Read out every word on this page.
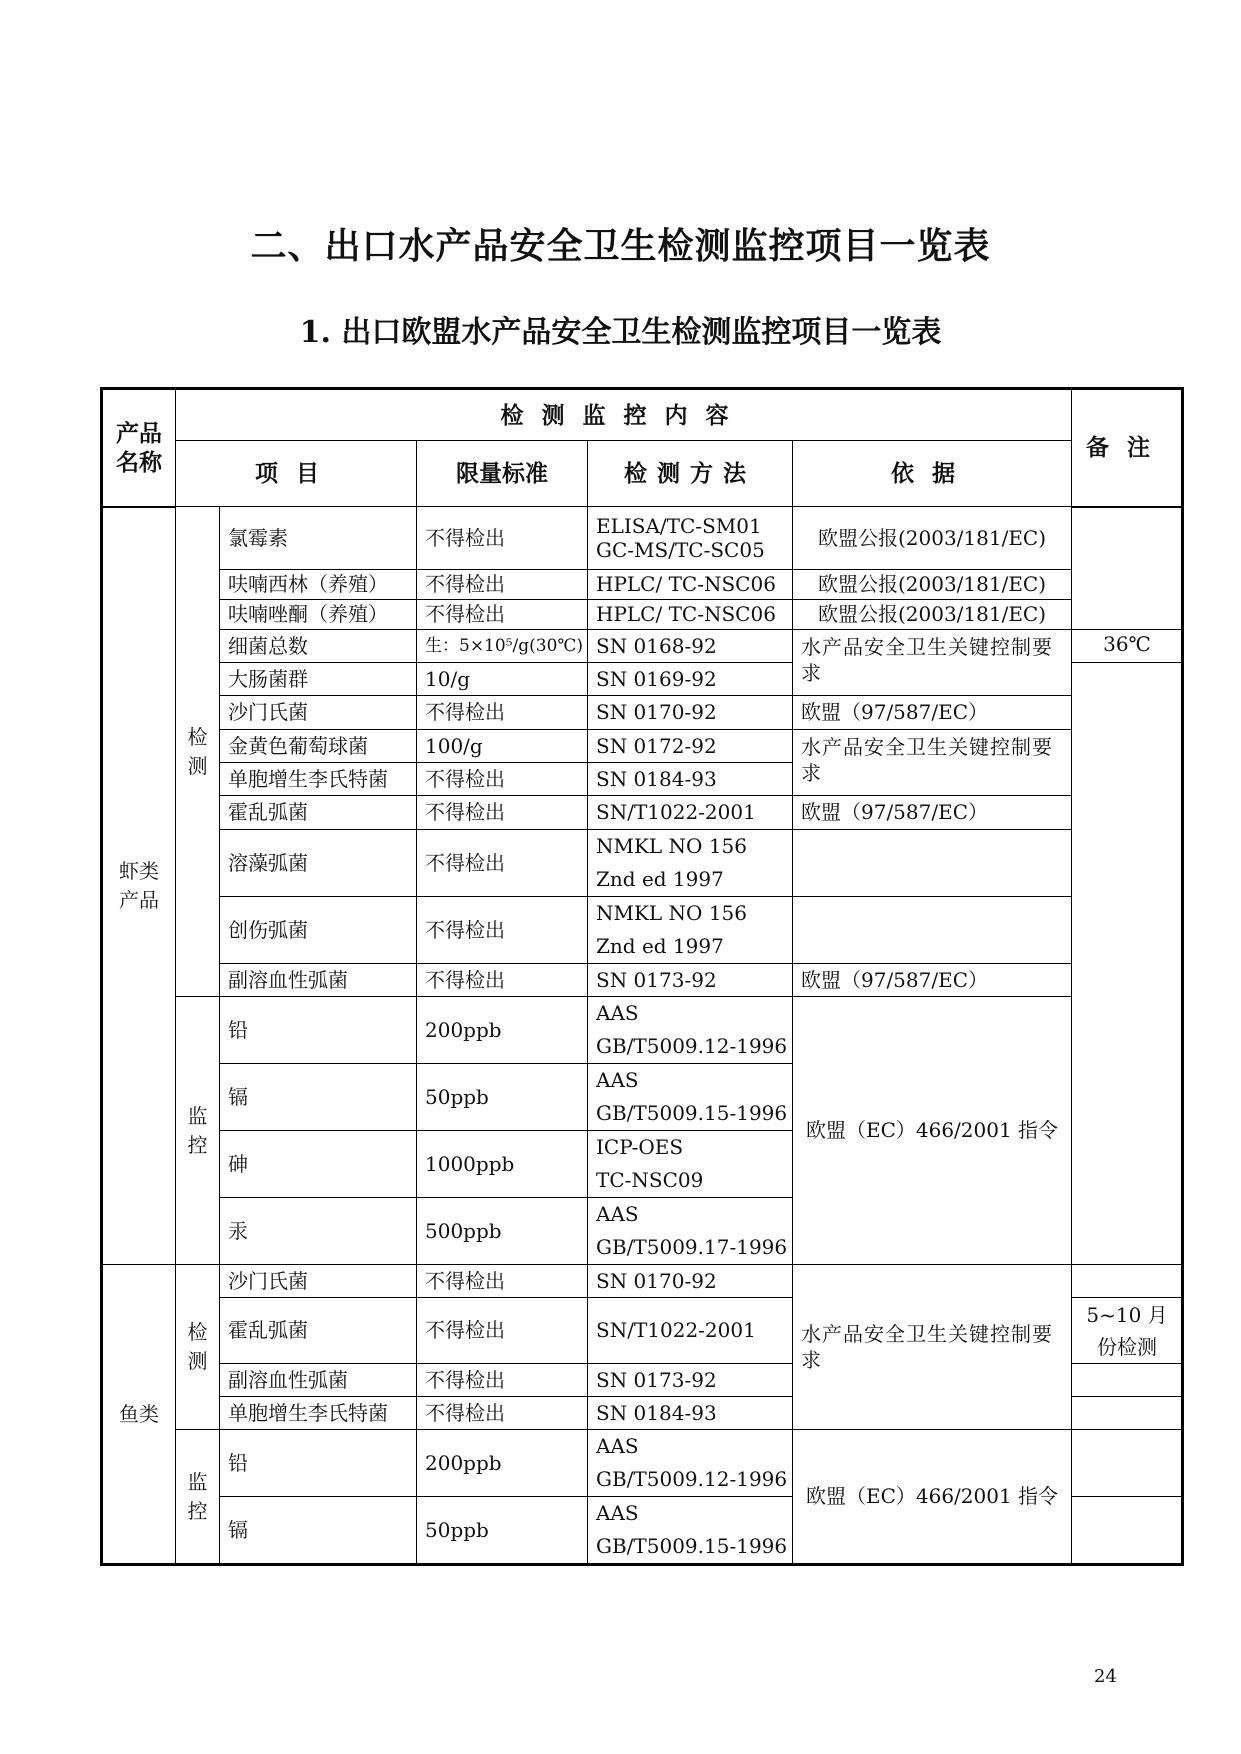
二、出口水产品安全卫生检测监控项目一览表
1. 出口欧盟水产品安全卫生检测监控项目一览表
产品名称	检测监控内容					备注	
	项目		限量标准	检测方法	依据		
虾类产品	检测	氯霉素	不得检出	ELISA/TC-SM01
GC-MS/TC-SC05	欧盟公报(2003/181/EC)		
		呋喃西林（养殖）	不得检出	HPLC/ TC-NSC06	欧盟公报(2003/181/EC)		
		呋喃唑酮（养殖）	不得检出	HPLC/ TC-NSC06	欧盟公报(2003/181/EC)		
		细菌总数	生：5×10⁵/g(30℃)	SN 0168-92	水产品安全卫生关键控制要求	36℃	
		大肠菌群	10/g	SN 0169-92			
		沙门氏菌	不得检出	SN 0170-92	欧盟（97/587/EC）		
		金黄色葡萄球菌	100/g	SN 0172-92	水产品安全卫生关键控制要求		
		单胞增生李氏特菌	不得检出	SN 0184-93			
		霍乱弧菌	不得检出	SN/T1022-2001	欧盟（97/587/EC）		
		溶藻弧菌	不得检出	NMKL NO 156
Znd ed 1997			

		创伤弧菌	不得检出	NMKL NO 156
Znd ed 1997			

		副溶血性弧菌	不得检出	SN 0173-92	欧盟（97/587/EC）		
	监控	铅	200ppb	AAS
GB/T5009.12-1996	欧盟（EC）466/2001 指令		
		镉	50ppb	AAS
GB/T5009.15-1996			

		砷	1000ppb	ICP-OES
TC-NSC09			

		汞	500ppb	AAS
GB/T5009.17-1996			

鱼类	检测	沙门氏菌	不得检出	SN 0170-92	水产品安全卫生关键控制要求		
		霍乱弧菌	不得检出	SN/T1022-2001		5~10 月份检测	
		副溶血性弧菌	不得检出	SN 0173-92			
		单胞增生李氏特菌	不得检出	SN 0184-93			
	监控	铅	200ppb	AAS
GB/T5009.12-1996	欧盟（EC）466/2001 指令		
		镉	50ppb	AAS
GB/T5009.15-1996			

24
